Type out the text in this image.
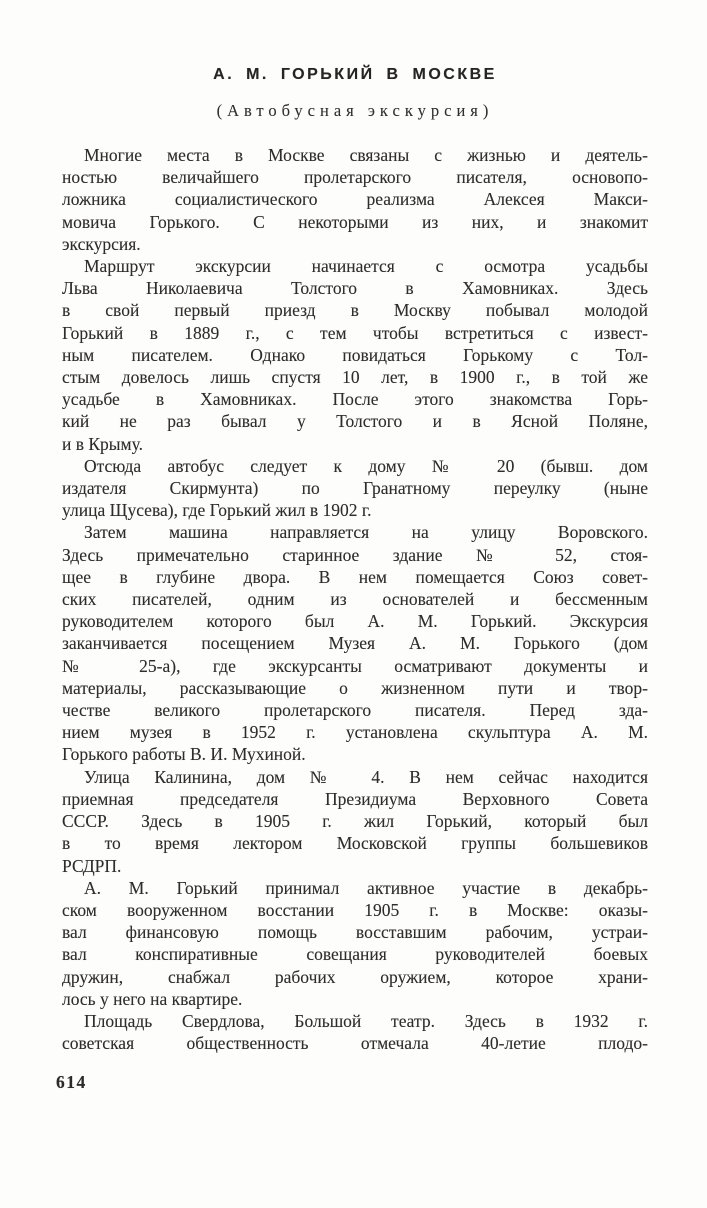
А. М. ГОРЬКИЙ В МОСКВЕ
(Автобусная экскурсия)
Многие места в Москве связаны с жизнью и деятель-
ностью величайшего пролетарского писателя, основопо-
ложника социалистического реализма Алексея Макси-
мовича Горького. С некоторыми из них, и знакомит
экскурсия.
Маршрут экскурсии начинается с осмотра усадьбы
Льва Николаевича Толстого в Хамовниках. Здесь
в свой первый приезд в Москву побывал молодой
Горький в 1889 г., с тем чтобы встретиться с извест-
ным писателем. Однако повидаться Горькому с Тол-
стым довелось лишь спустя 10 лет, в 1900 г., в той же
усадьбе в Хамовниках. После этого знакомства Горь-
кий не раз бывал у Толстого и в Ясной Поляне,
и в Крыму.
Отсюда автобус следует к дому № 20 (бывш. дом
издателя Скирмунта) по Гранатному переулку (ныне
улица Щусева), где Горький жил в 1902 г.
Затем машина направляется на улицу Воровского.
Здесь примечательно старинное здание № 52, стоя-
щее в глубине двора. В нем помещается Союз совет-
ских писателей, одним из основателей и бессменным
руководителем которого был А. М. Горький. Экскурсия
заканчивается посещением Музея А. М. Горького (дом
№ 25-а), где экскурсанты осматривают документы и
материалы, рассказывающие о жизненном пути и твор-
честве великого пролетарского писателя. Перед зда-
нием музея в 1952 г. установлена скульптура А. М.
Горького работы В. И. Мухиной.
Улица Калинина, дом № 4. В нем сейчас находится
приемная председателя Президиума Верховного Совета
СССР. Здесь в 1905 г. жил Горький, который был
в то время лектором Московской группы большевиков
РСДРП.
А. М. Горький принимал активное участие в декабрь-
ском вооруженном восстании 1905 г. в Москве: оказы-
вал финансовую помощь восставшим рабочим, устраи-
вал конспиративные совещания руководителей боевых
дружин, снабжал рабочих оружием, которое храни-
лось у него на квартире.
Площадь Свердлова, Большой театр. Здесь в 1932 г.
советская общественность отмечала 40-летие плодо-
614
